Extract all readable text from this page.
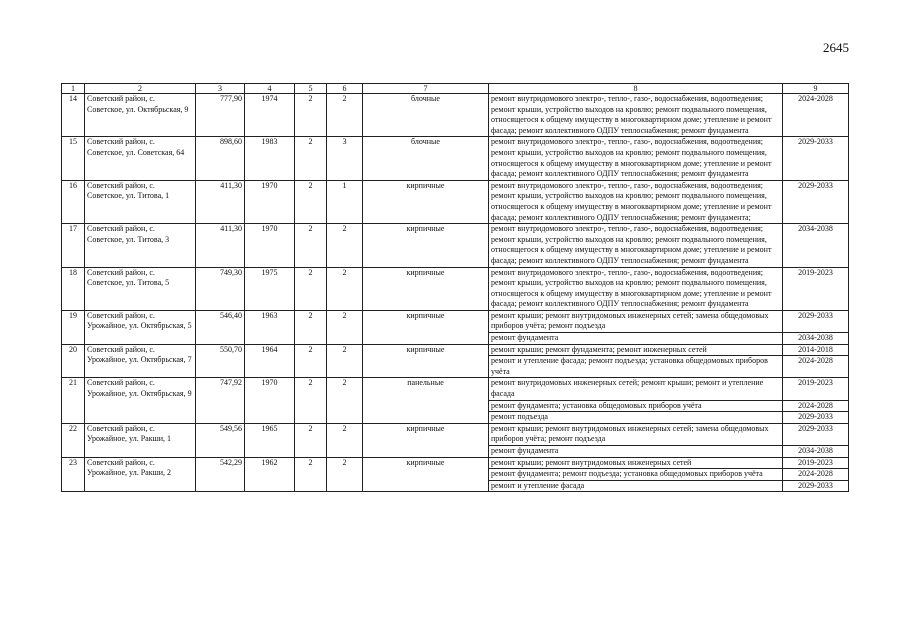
2645
1	2	3	4	5	6	7	8	9
14	Советский район, с. Советское, ул. Октябрьская, 9	777,90	1974	2	2	блочные	ремонт внутридомового электро-, тепло-, газо-, водоснабжения, водоотведения; ремонт крыши, устройство выходов на кровлю; ремонт подвального помещения, относящегося к общему имуществу в многоквартирном доме; утепление и ремонт фасада; ремонт коллективного ОДПУ теплоснабжения; ремонт фундамента	2024-2028
15	Советский район, с. Советское, ул. Советская, 64	898,60	1983	2	3	блочные	ремонт внутридомового электро-, тепло-, газо-, водоснабжения, водоотведения; ремонт крыши, устройство выходов на кровлю; ремонт подвального помещения, относящегося к общему имуществу в многоквартирном доме; утепление и ремонт фасада; ремонт коллективного ОДПУ теплоснабжения; ремонт фундамента	2029-2033
16	Советский район, с. Советское, ул. Титова, 1	411,30	1970	2	1	кирпичные	ремонт внутридомового электро-, тепло-, газо-, водоснабжения, водоотведения; ремонт крыши, устройство выходов на кровлю; ремонт подвального помещения, относящегося к общему имуществу в многоквартирном доме; утепление и ремонт фасада; ремонт коллективного ОДПУ теплоснабжения; ремонт фундамента;	2029-2033
17	Советский район, с. Советское, ул. Титова, 3	411,30	1970	2	2	кирпичные	ремонт внутридомового электро-, тепло-, газо-, водоснабжения, водоотведения; ремонт крыши, устройство выходов на кровлю; ремонт подвального помещения, относящегося к общему имуществу в многоквартирном доме; утепление и ремонт фасада; ремонт коллективного ОДПУ теплоснабжения; ремонт фундамента	2034-2038
18	Советский район, с. Советское, ул. Титова, 5	749,30	1975	2	2	кирпичные	ремонт внутридомового электро-, тепло-, газо-, водоснабжения, водоотведения; ремонт крыши, устройство выходов на кровлю; ремонт подвального помещения, относящегося к общему имуществу в многоквартирном доме; утепление и ремонт фасада; ремонт коллективного ОДПУ теплоснабжения; ремонт фундамента	2019-2023
19	Советский район, с. Урожайное, ул. Октябрьская, 5	546,40	1963	2	2	кирпичные	ремонт крыши; ремонт внутридомовых инженерных сетей; замена общедомовых приборов учёта; ремонт подъезда	2029-2033
							ремонт фундамента	2034-2038
20	Советский район, с. Урожайное, ул. Октябрьская, 7	550,70	1964	2	2	кирпичные	ремонт крыши; ремонт фундамента; ремонт инженерных сетей	2014-2018
							ремонт и утепление фасада; ремонт подъезда; установка общедомовых приборов учёта	2024-2028
21	Советский район, с. Урожайное, ул. Октябрьская, 9	747,92	1970	2	2	панельные	ремонт внутридомовых инженерных сетей; ремонт крыши; ремонт и утепление фасада	2019-2023
							ремонт фундамента; установка общедомовых приборов учёта	2024-2028
							ремонт подъезда	2029-2033
22	Советский район, с. Урожайное, ул. Ракши, 1	549,56	1965	2	2	кирпичные	ремонт крыши; ремонт внутридомовых инженерных сетей; замена общедомовых приборов учёта; ремонт подъезда	2029-2033
							ремонт фундамента	2034-2038
23	Советский район, с. Урожайное, ул. Ракши, 2	542,29	1962	2	2	кирпичные	ремонт крыши; ремонт внутридомовых инженерных сетей	2019-2023
							ремонт фундамента; ремонт подъезда; установка общедомовых приборов учёта	2024-2028
							ремонт и утепление фасада	2029-2033
